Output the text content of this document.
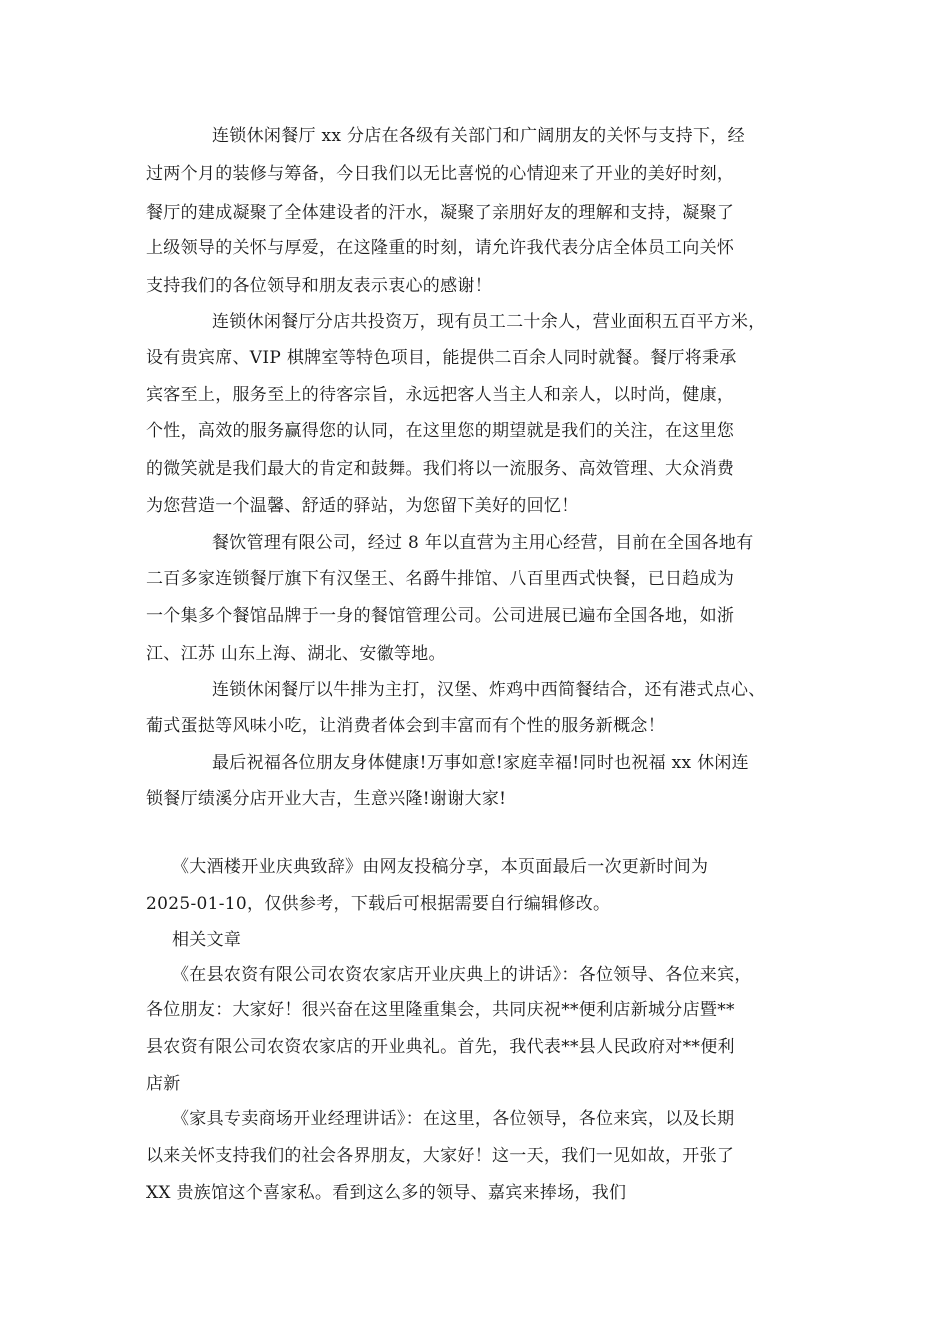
连锁休闲餐厅 xx 分店在各级有关部门和广阔朋友的关怀与支持下，经
过两个月的装修与筹备，今日我们以无比喜悦的心情迎来了开业的美好时刻，
餐厅的建成凝聚了全体建设者的汗水，凝聚了亲朋好友的理解和支持，凝聚了
上级领导的关怀与厚爱，在这隆重的时刻，请允许我代表分店全体员工向关怀
支持我们的各位领导和朋友表示衷心的感谢！
连锁休闲餐厅分店共投资万，现有员工二十余人，营业面积五百平方米，
设有贵宾席、VIP 棋牌室等特色项目，能提供二百余人同时就餐。餐厅将秉承
宾客至上，服务至上的待客宗旨，永远把客人当主人和亲人，以时尚，健康，
个性，高效的服务赢得您的认同，在这里您的期望就是我们的关注，在这里您
的微笑就是我们最大的肯定和鼓舞。我们将以一流服务、高效管理、大众消费
为您营造一个温馨、舒适的驿站，为您留下美好的回忆！
餐饮管理有限公司，经过 8 年以直营为主用心经营，目前在全国各地有
二百多家连锁餐厅旗下有汉堡王、名爵牛排馆、八百里西式快餐，已日趋成为
一个集多个餐馆品牌于一身的餐馆管理公司。公司进展已遍布全国各地，如浙
江、江苏 山东上海、湖北、安徽等地。
连锁休闲餐厅以牛排为主打，汉堡、炸鸡中西简餐结合，还有港式点心、
葡式蛋挞等风味小吃，让消费者体会到丰富而有个性的服务新概念！
最后祝福各位朋友身体健康!万事如意!家庭幸福!同时也祝福 xx 休闲连
锁餐厅绩溪分店开业大吉，生意兴隆!谢谢大家!
《大酒楼开业庆典致辞》由网友投稿分享，本页面最后一次更新时间为
2025-01-10，仅供参考，下载后可根据需要自行编辑修改。
相关文章
《在县农资有限公司农资农家店开业庆典上的讲话》：各位领导、各位来宾，
各位朋友：大家好！很兴奋在这里隆重集会，共同庆祝**便利店新城分店暨**
县农资有限公司农资农家店的开业典礼。首先，我代表**县人民政府对**便利
店新
《家具专卖商场开业经理讲话》：在这里，各位领导，各位来宾，以及长期
以来关怀支持我们的社会各界朋友，大家好！这一天，我们一见如故，开张了
XX 贵族馆这个喜家私。看到这么多的领导、嘉宾来捧场，我们
